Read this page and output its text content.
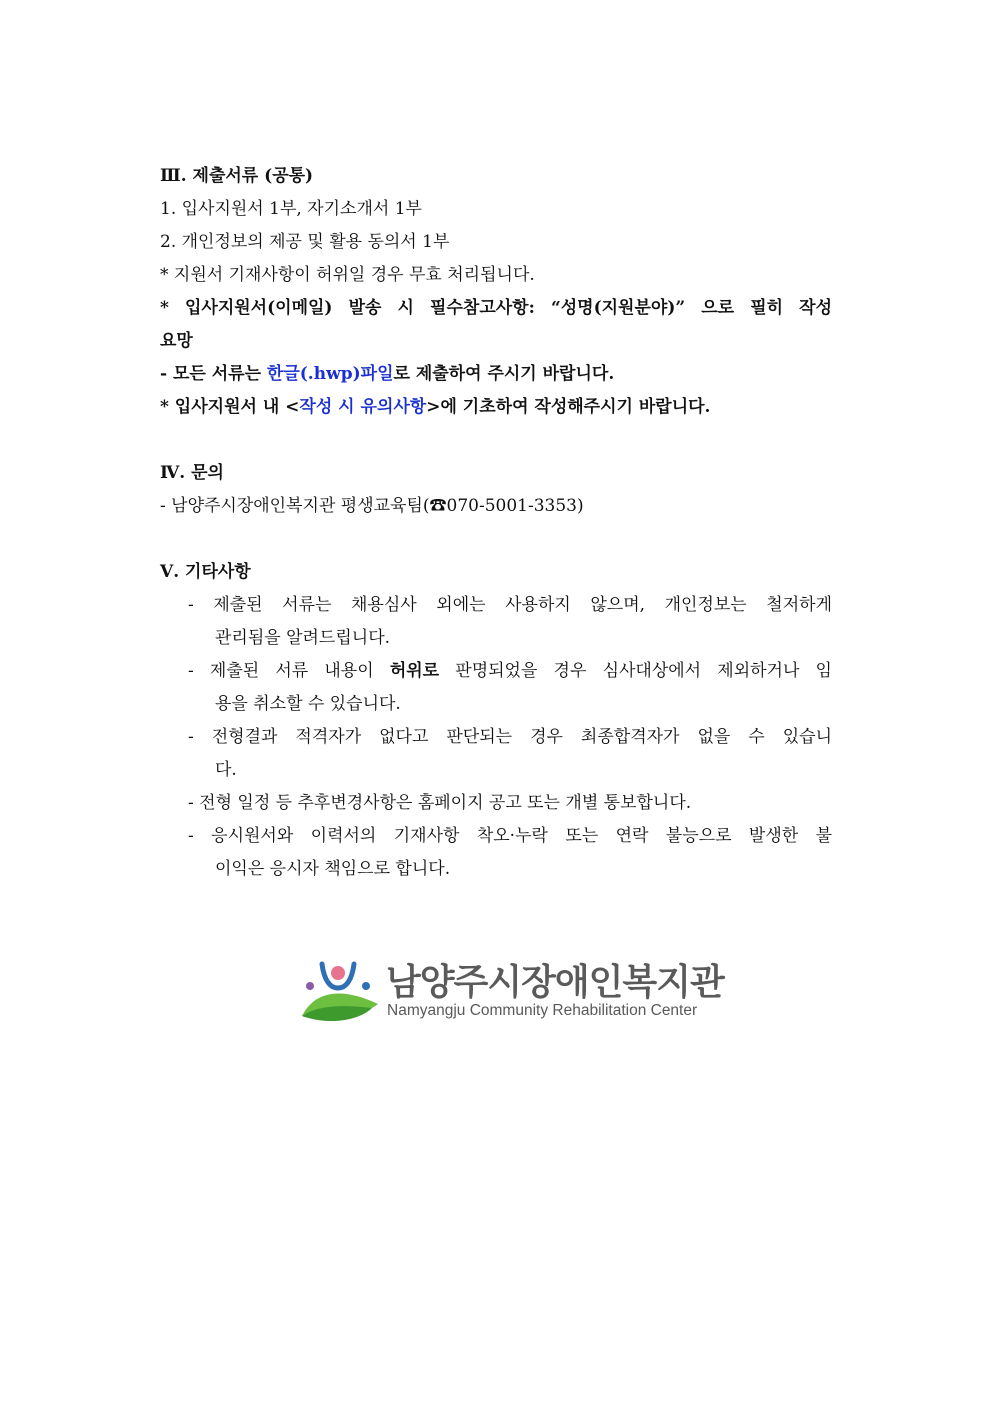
Ⅲ. 제출서류 (공통)
1. 입사지원서 1부, 자기소개서 1부
2. 개인정보의 제공 및 활용 동의서 1부
* 지원서 기재사항이 허위일 경우 무효 처리됩니다.
* 입사지원서(이메일) 발송 시 필수참고사항: “성명(지원분야)” 으로 필히 작성
요망
- 모든 서류는 한글(.hwp)파일로 제출하여 주시기 바랍니다.
* 입사지원서 내 <작성 시 유의사항>에 기초하여 작성해주시기 바랍니다.
Ⅳ. 문의
- 남양주시장애인복지관 평생교육팀(☎070-5001-3353)
Ⅴ. 기타사항
- 제출된 서류는 채용심사 외에는 사용하지 않으며, 개인정보는 철저하게
관리됨을 알려드립니다.
- 제출된 서류 내용이 허위로 판명되었을 경우 심사대상에서 제외하거나 임
용을 취소할 수 있습니다.
- 전형결과 적격자가 없다고 판단되는 경우 최종합격자가 없을 수 있습니
다.
- 전형 일정 등 추후변경사항은 홈페이지 공고 또는 개별 통보합니다.
- 응시원서와 이력서의 기재사항 착오·누락 또는 연락 불능으로 발생한 불
이익은 응시자 책임으로 합니다.
남양주시장애인복지관
Namyangju Community Rehabilitation Center
